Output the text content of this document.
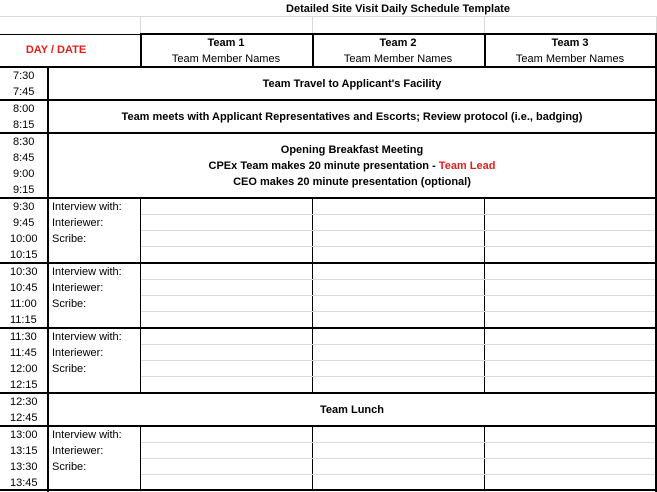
Detailed Site Visit Daily Schedule Template
DAY / DATE
Team 1
Team Member Names
Team 2
Team Member Names
Team 3
Team Member Names
7:30
7:45
8:00
8:15
8:30
8:45
9:00
9:15
9:30
9:45
10:00
10:15
10:30
10:45
11:00
11:15
11:30
11:45
12:00
12:15
12:30
12:45
13:00
13:15
13:30
13:45
Team Travel to Applicant's Facility
Team meets with Applicant Representatives and Escorts; Review protocol (i.e., badging)
Opening Breakfast Meeting
CPEx Team makes 20 minute presentation - Team Lead
CEO makes 20 minute presentation (optional)
Team Lunch
Interview with:
Interiewer:
Scribe:
Interview with:
Interiewer:
Scribe:
Interview with:
Interiewer:
Scribe:
Interview with:
Interiewer:
Scribe:
